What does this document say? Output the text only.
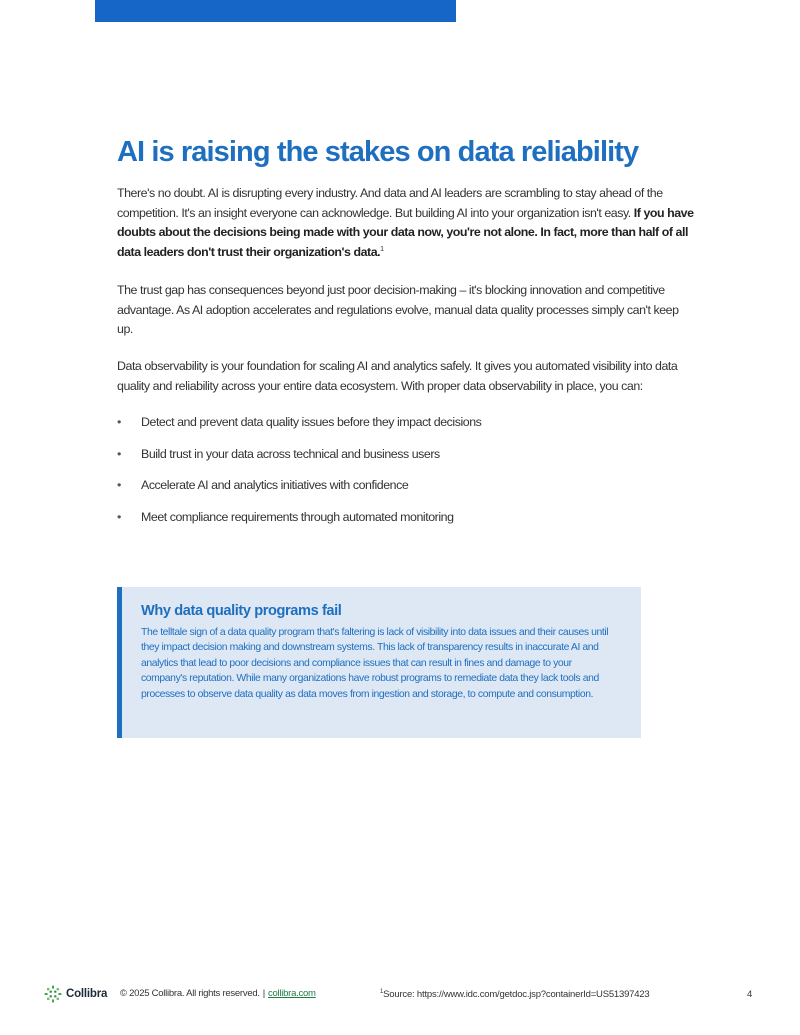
AI is raising the stakes on data reliability

There's no doubt. AI is disrupting every industry. And data and AI leaders are scrambling to stay ahead of the competition. It's an insight everyone can acknowledge. But building AI into your organization isn't easy. If you have doubts about the decisions being made with your data now, you're not alone. In fact, more than half of all data leaders don't trust their organization's data.$^1$

The trust gap has consequences beyond just poor decision-making – it's blocking innovation and competitive advantage. As AI adoption accelerates and regulations evolve, manual data quality processes simply can't keep up.

Data observability is your foundation for scaling AI and analytics safely. It gives you automated visibility into data quality and reliability across your entire data ecosystem. With proper data observability in place, you can:

• Detect and prevent data quality issues before they impact decisions
• Build trust in your data across technical and business users
• Accelerate AI and analytics initiatives with confidence
• Meet compliance requirements through automated monitoring
Why data quality programs fail

The telltale sign of a data quality program that's faltering is lack of visibility into data issues and their causes until they impact decision making and downstream systems. This lack of transparency results in inaccurate AI and analytics that lead to poor decisions and compliance issues that can result in fines and damage to your company's reputation. While many organizations have robust programs to remediate data they lack tools and processes to observe data quality as data moves from ingestion and storage, to compute and consumption.

Collibra © 2025 Collibra. All rights reserved. | collibra.com	$^1$Source: https://www.idc.com/getdoc.jsp?containerId=US51397423	4
